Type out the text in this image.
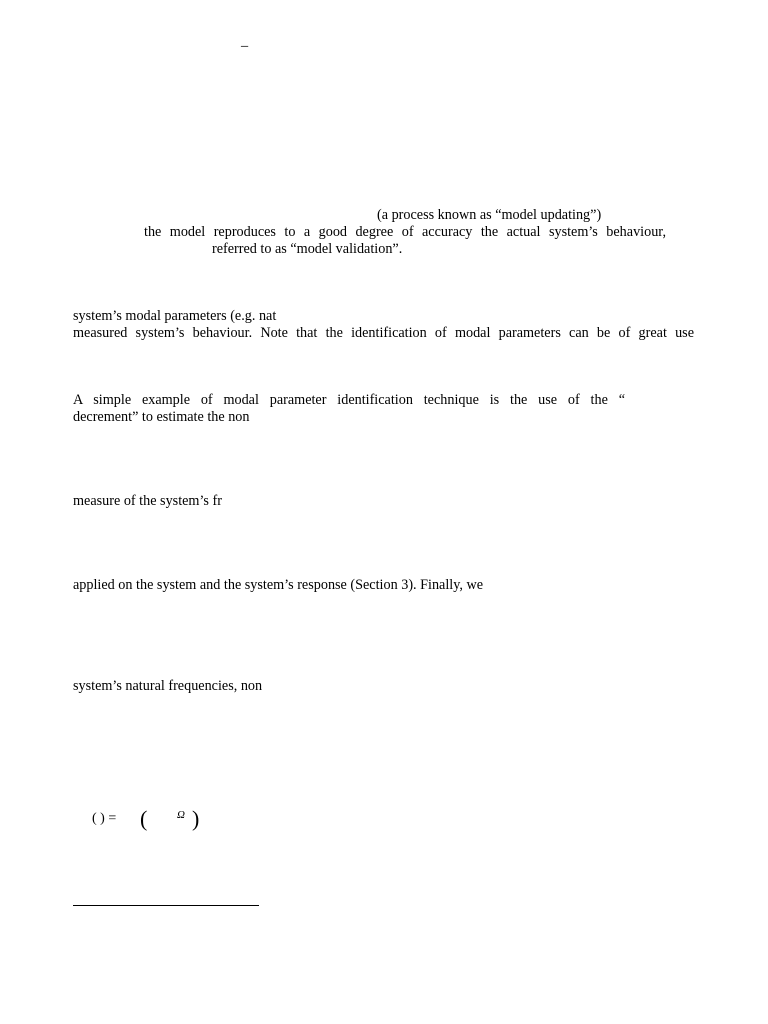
–

(a process known as “model updating”)

the model reproduces to a good degree of accuracy the actual system’s behaviour,

referred to as “model validation”.

system’s modal parameters (e.g. nat

measured system’s behaviour. Note that the identification of modal parameters can be of great use

A simple example of modal parameter identification technique is the use of the “

decrement” to estimate the non

measure of the system’s fr

applied on the system and the system’s response (Section 3). Finally, we

system’s natural frequencies, non

( ) = (	Ω )
